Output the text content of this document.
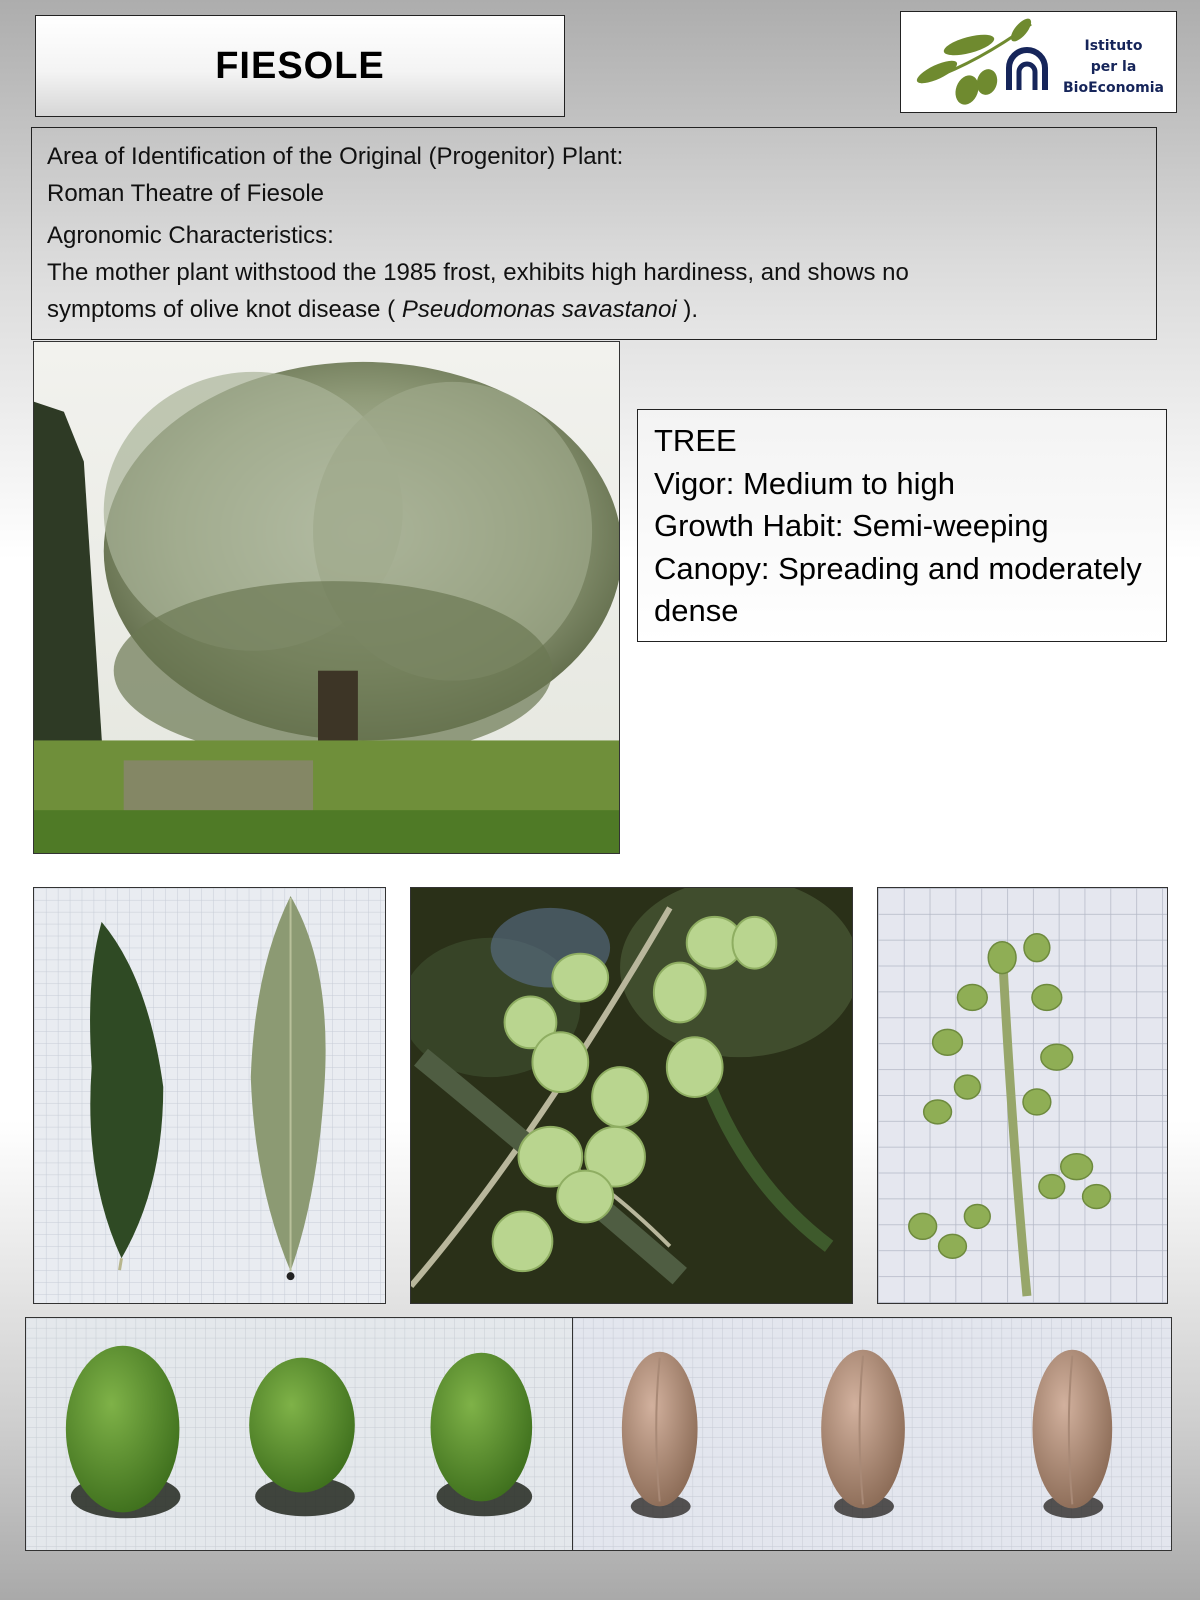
FIESOLE	Istituto
per la
BioEconomia

Area of Identification of the Original (Progenitor) Plant:

Roman Theatre of Fiesole

Agronomic Characteristics:

The mother plant withstood the 1985 frost, exhibits high hardiness, and shows no

symptoms of olive knot disease ( Pseudomonas savastanoi ).

TREE

Vigor: Medium to high

Growth Habit: Semi-weeping

Canopy: Spreading and moderately dense
